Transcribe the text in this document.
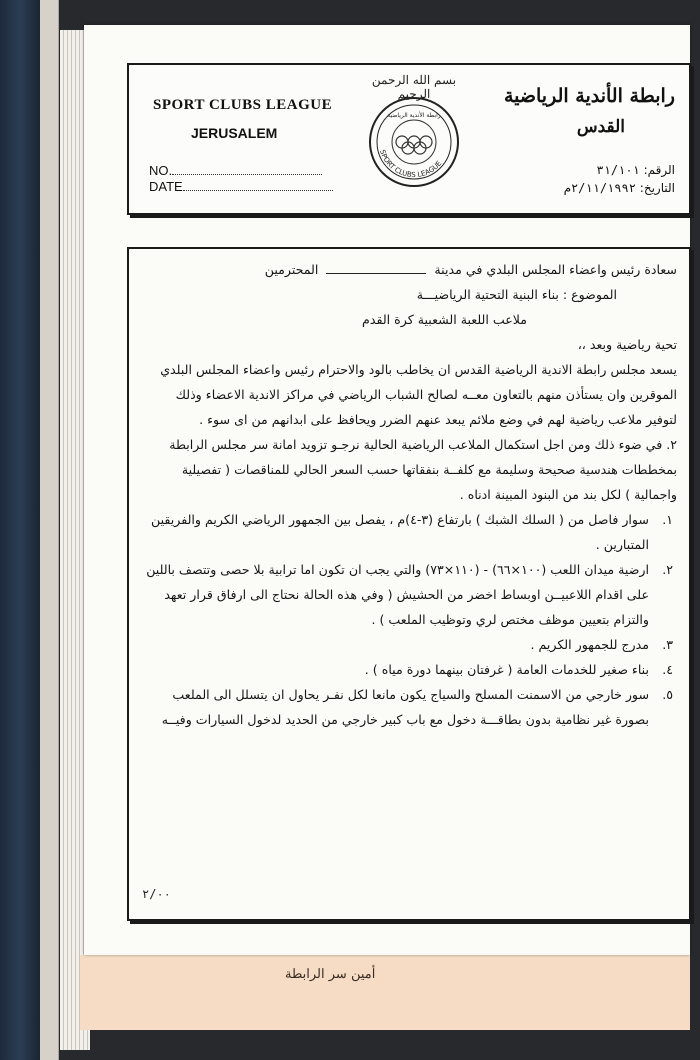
أمين سر الرابطة
SPORT CLUBS LEAGUE
JERUSALEM
NO.
DATE
بسم الله الرحمن الرحيم
SPORT CLUBS LEAGUE
رابطة الأندية الرياضية
رابطة الأندية الرياضية
القدس
الرقم: ٣١/١٠١
التاريخ: ٢/١١/١٩٩٢م

سعادة رئيس واعضاء المجلس البلدي في مدينةالمحترمين

الموضوع : بناء البنية التحتية الرياضيـــة

ملاعب اللعبة الشعبية كرة القدم

تحية رياضية وبعد ،،

يسعد مجلس رابطة الاندية الرياضية القدس ان يخاطب بالود والاحترام رئيس واعضاء المجلس البلدي الموقرين وان يستأذن منهم بالتعاون معــه لصالح الشباب الرياضي في مراكز الاندية الاعضاء وذلك لتوفير ملاعب رياضية لهم في وضع ملائم يبعد عنهم الضرر ويحافظ على ابدانهم من اى سوء .

٢. في ضوء ذلك ومن اجل استكمال الملاعب الرياضية الحالية نرجـو تزويد امانة سر مجلس الرابطة بمخططات هندسية صحيحة وسليمة مع كلفــة بنفقاتها حسب السعر الحالي للمناقصات ( تفصيلية واجمالية ) لكل بند من البنود المبينة ادناه .

١.
سوار فاصل من ( السلك الشبك ) بارتفاع (٣-٤)م ، يفصل بين الجمهور الرياضي الكريم والفريقين المتبارين .
٢.
ارضية ميدان اللعب (١٠٠×٦٦) - (١١٠×٧٣) والتي يجب ان تكون اما ترابية بلا حصى وتتصف باللين على اقدام اللاعبيــن اوبساط اخضر من الحشيش ( وفي هذه الحالة نحتاج الى ارفاق قرار تعهد والتزام بتعيين موظف مختص لري وتوظيب الملعب ) .
٣.
مدرج للجمهور الكريم .
٤.
بناء صغير للخدمات العامة ( غرفتان بينهما دورة مياه ) .
٥.
سور خارجي من الاسمنت المسلح والسياج يكون مانعا لكل نفـر يحاول ان يتسلل الى الملعب بصورة غير نظامية بدون بطاقـــة دخول مع باب كبير خارجي من الحديد لدخول السيارات وفيــه
٢/٠٠
